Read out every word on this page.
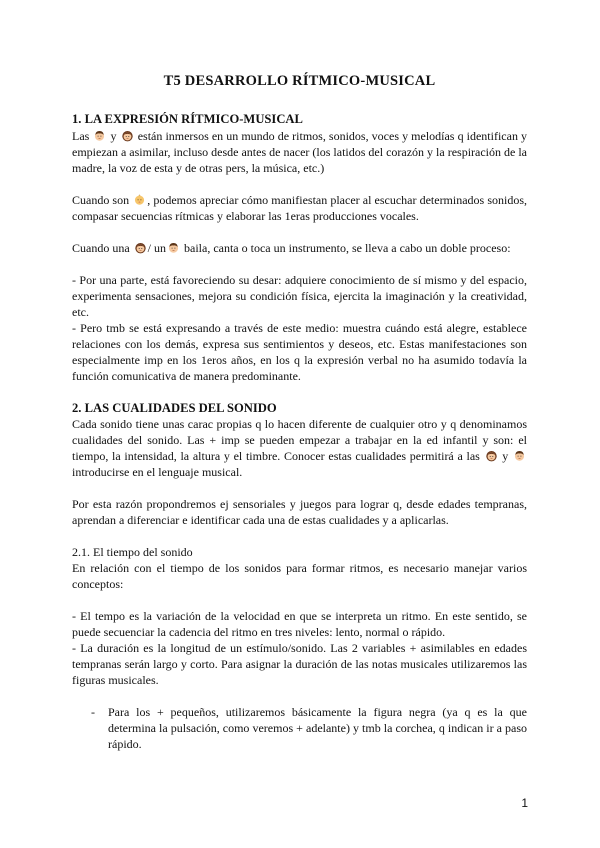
T5 DESARROLLO RÍTMICO-MUSICAL
1. LA EXPRESIÓN RÍTMICO-MUSICAL
Las y están inmersos en un mundo de ritmos, sonidos, voces y melodías q identifican y empiezan a asimilar, incluso desde antes de nacer (los latidos del corazón y la respiración de la madre, la voz de esta y de otras pers, la música, etc.)
Cuando son , podemos apreciar cómo manifiestan placer al escuchar determinados sonidos, compasar secuencias rítmicas y elaborar las 1eras producciones vocales.
Cuando una / un baila, canta o toca un instrumento, se lleva a cabo un doble proceso:
- Por una parte, está favoreciendo su desar: adquiere conocimiento de sí mismo y del espacio, experimenta sensaciones, mejora su condición física, ejercita la imaginación y la creatividad, etc.
- Pero tmb se está expresando a través de este medio: muestra cuándo está alegre, establece relaciones con los demás, expresa sus sentimientos y deseos, etc. Estas manifestaciones son especialmente imp en los 1eros años, en los q la expresión verbal no ha asumido todavía la función comunicativa de manera predominante.
2. LAS CUALIDADES DEL SONIDO
Cada sonido tiene unas carac propias q lo hacen diferente de cualquier otro y q denominamos cualidades del sonido. Las + imp se pueden empezar a trabajar en la ed infantil y son: el tiempo, la intensidad, la altura y el timbre. Conocer estas cualidades permitirá a las y  introducirse en el lenguaje musical.
Por esta razón propondremos ej sensoriales y juegos para lograr q, desde edades tempranas, aprendan a diferenciar e identificar cada una de estas cualidades y a aplicarlas.
2.1. El tiempo del sonido
En relación con el tiempo de los sonidos para formar ritmos, es necesario manejar varios conceptos:
- El tempo es la variación de la velocidad en que se interpreta un ritmo. En este sentido, se puede secuenciar la cadencia del ritmo en tres niveles: lento, normal o rápido.
- La duración es la longitud de un estímulo/sonido. Las 2 variables + asimilables en edades tempranas serán largo y corto. Para asignar la duración de las notas musicales utilizaremos las figuras musicales.
- Para los + pequeños, utilizaremos básicamente la figura negra (ya q es la que determina la pulsación, como veremos + adelante) y tmb la corchea, q indican ir a paso rápido.
1
